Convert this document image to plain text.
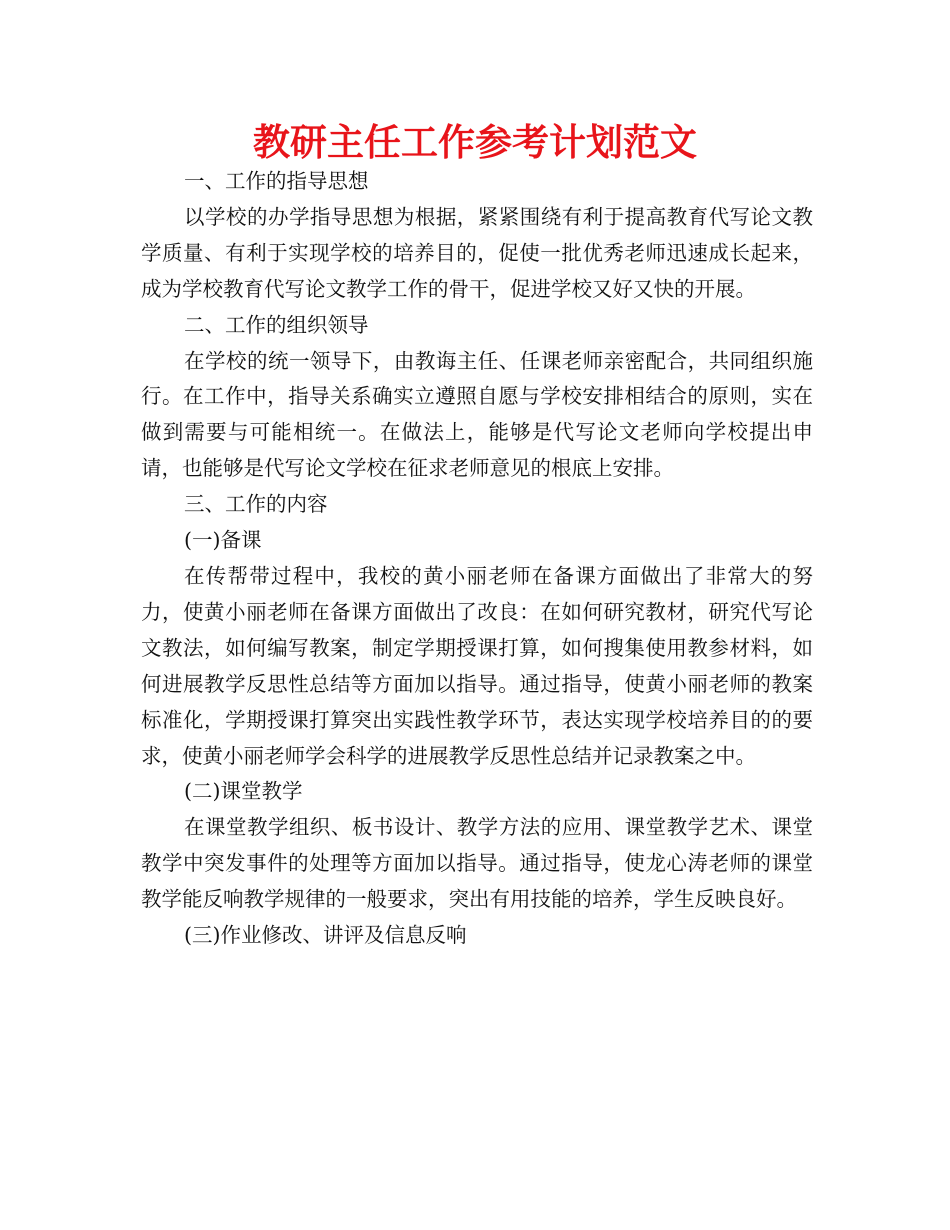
教研主任工作参考计划范文

一、工作的指导思想

以学校的办学指导思想为根据，紧紧围绕有利于提高教育代写论文教学质量、有利于实现学校的培养目的，促使一批优秀老师迅速成长起来，成为学校教育代写论文教学工作的骨干，促进学校又好又快的开展。

二、工作的组织领导

在学校的统一领导下，由教诲主任、任课老师亲密配合，共同组织施行。在工作中，指导关系确实立遵照自愿与学校安排相结合的原则，实在做到需要与可能相统一。在做法上，能够是代写论文老师向学校提出申请，也能够是代写论文学校在征求老师意见的根底上安排。

三、工作的内容

(一)备课

在传帮带过程中，我校的黄小丽老师在备课方面做出了非常大的努力，使黄小丽老师在备课方面做出了改良：在如何研究教材，研究代写论文教法，如何编写教案，制定学期授课打算，如何搜集使用教参材料，如何进展教学反思性总结等方面加以指导。通过指导，使黄小丽老师的教案标准化，学期授课打算突出实践性教学环节，表达实现学校培养目的的要求，使黄小丽老师学会科学的进展教学反思性总结并记录教案之中。

(二)课堂教学

在课堂教学组织、板书设计、教学方法的应用、课堂教学艺术、课堂教学中突发事件的处理等方面加以指导。通过指导，使龙心涛老师的课堂教学能反响教学规律的一般要求，突出有用技能的培养，学生反映良好。

(三)作业修改、讲评及信息反响
